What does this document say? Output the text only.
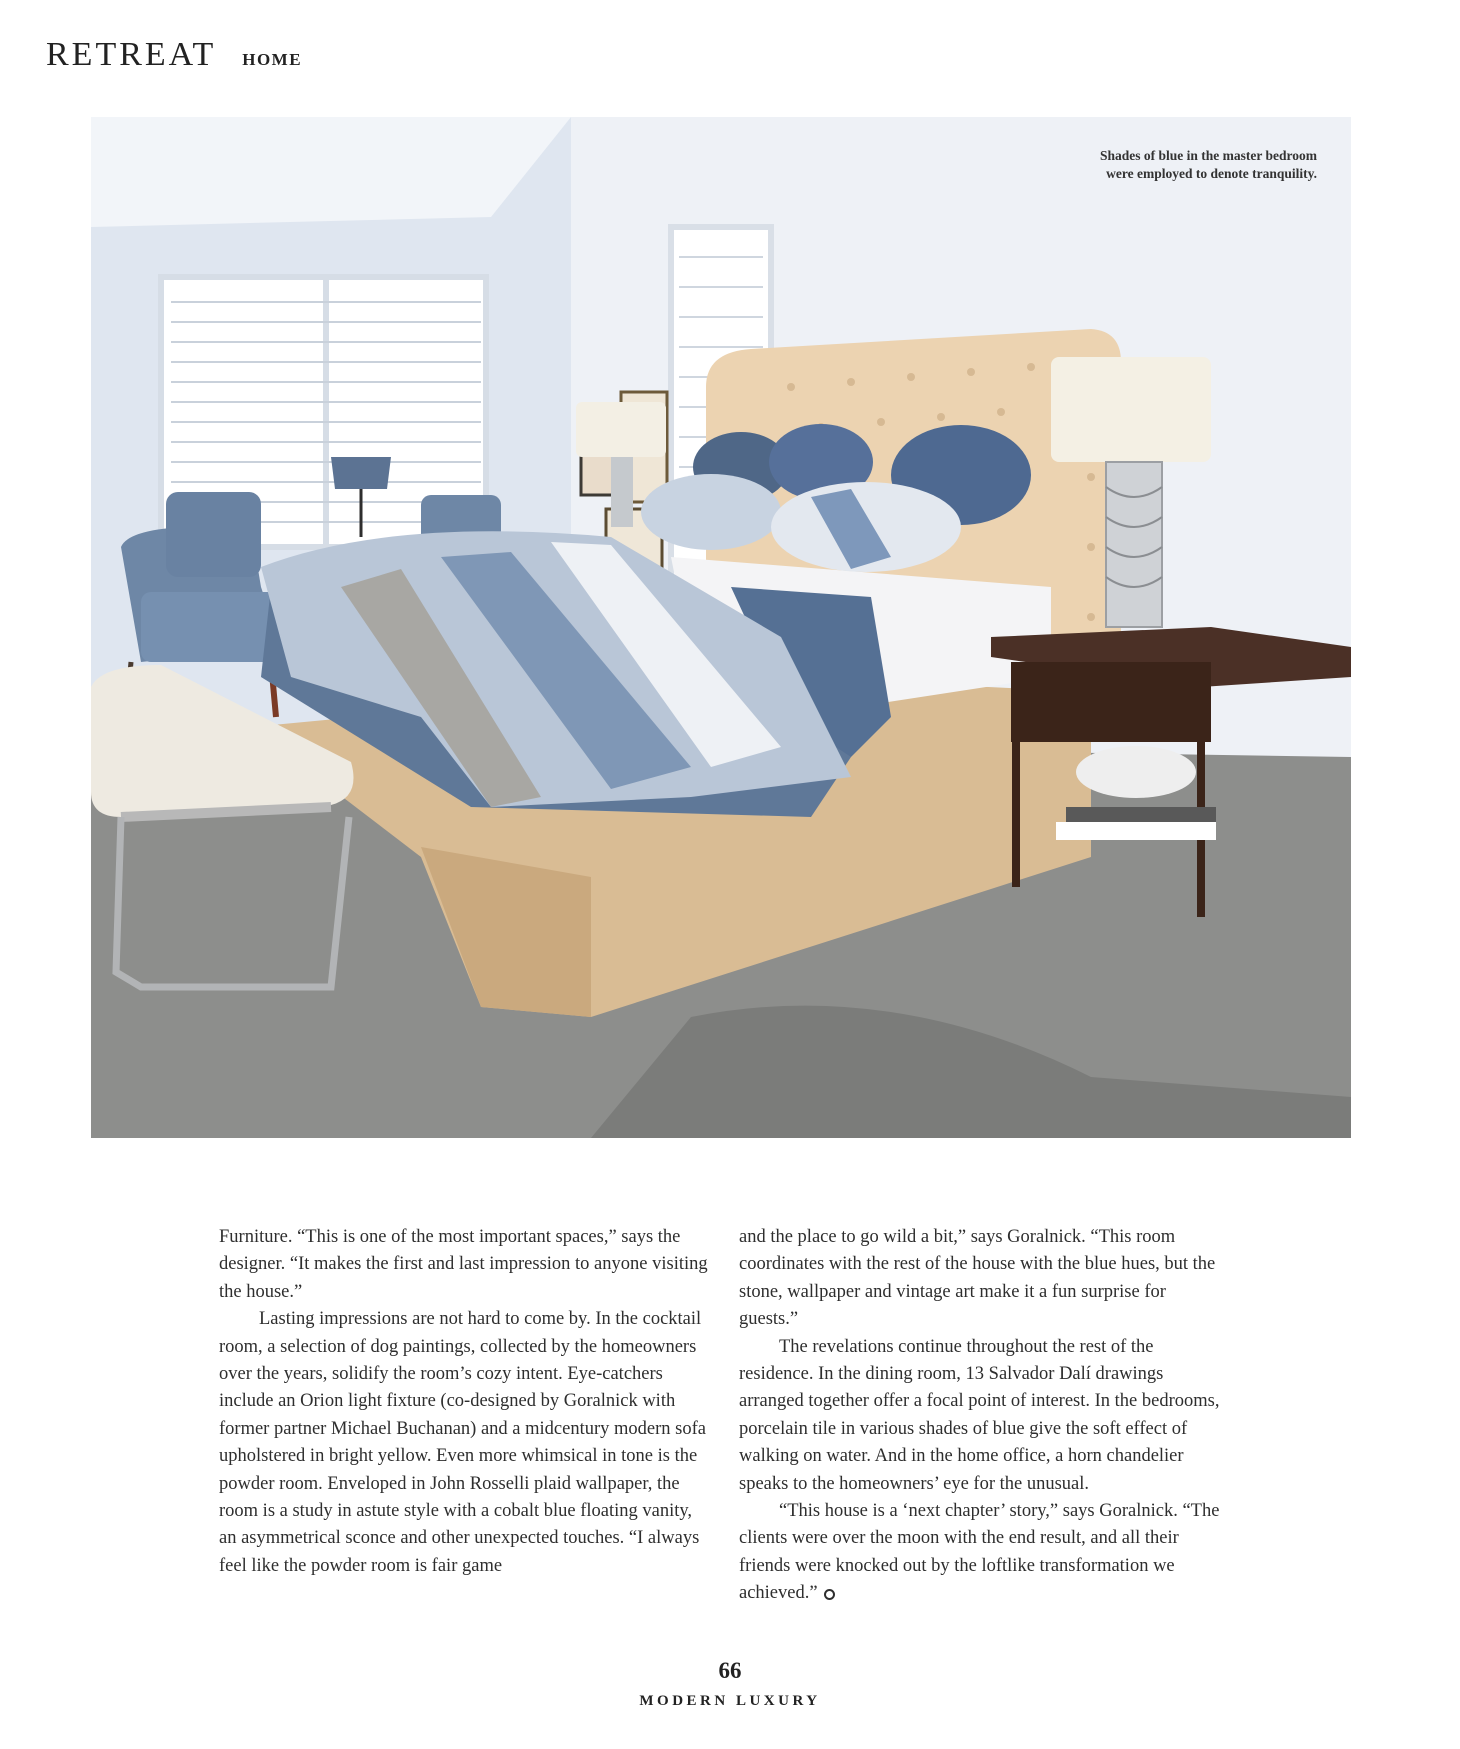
RETREAT HOME
Shades of blue in the master bedroom
were employed to denote tranquility.

Furniture. “This is one of the most important spaces,” says the designer. “It makes the first and last impression to anyone visiting the house.”

Lasting impressions are not hard to come by. In the cocktail room, a selection of dog paintings, collected by the homeowners over the years, solidify the room’s cozy intent. Eye-catchers include an Orion light fixture (co-designed by Goralnick with former partner Michael Buchanan) and a midcentury modern sofa upholstered in bright yellow. Even more whimsical in tone is the powder room. Enveloped in John Rosselli plaid wallpaper, the room is a study in astute style with a cobalt blue floating vanity, an asymmetrical sconce and other unexpected touches. “I always feel like the powder room is fair game

and the place to go wild a bit,” says Goralnick. “This room coordinates with the rest of the house with the blue hues, but the stone, wallpaper and vintage art make it a fun surprise for guests.”

The revelations continue throughout the rest of the residence. In the dining room, 13 Salvador Dalí drawings arranged together offer a focal point of interest. In the bedrooms, porcelain tile in various shades of blue give the soft effect of walking on water. And in the home office, a horn chandelier speaks to the homeowners’ eye for the unusual.

“This house is a ‘next chapter’ story,” says Goralnick. “The clients were over the moon with the end result, and all their friends were knocked out by the loftlike transformation we achieved.”

66
MODERN LUXURY
